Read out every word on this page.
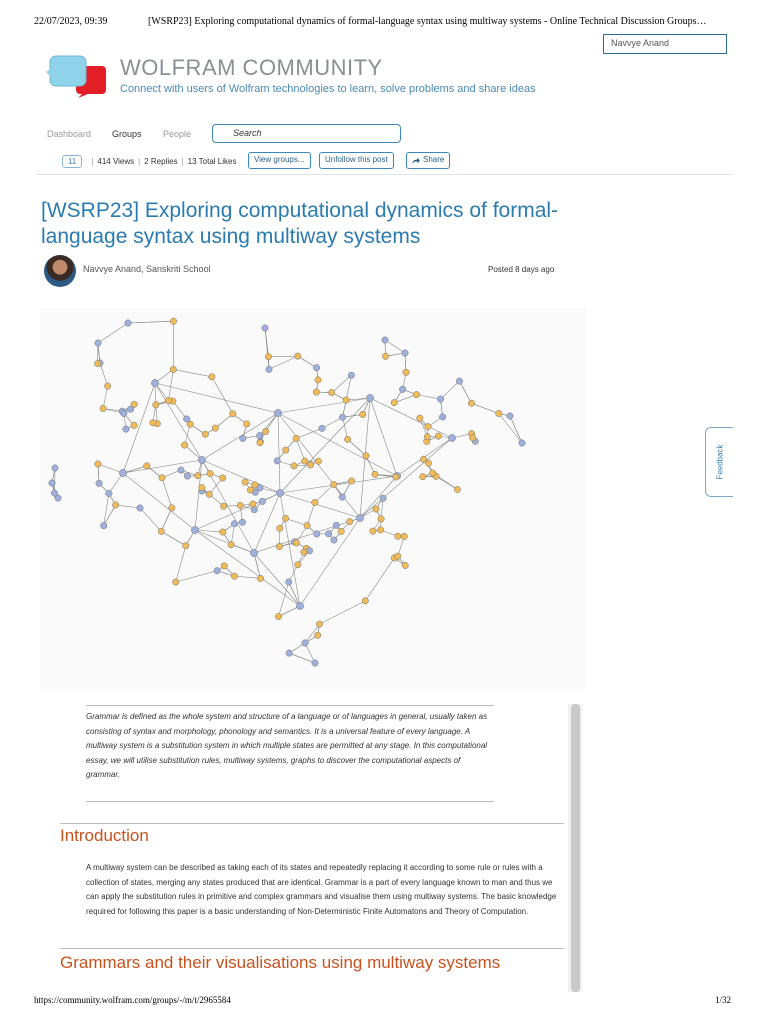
22/07/2023, 09:39	[WSRP23] Exploring computational dynamics of formal-language syntax using multiway systems - Online Technical Discussion Groups…
Navvye Anand
WOLFRAM COMMUNITY
Connect with users of Wolfram technologies to learn, solve problems and share ideas
Dashboard Groups People	Search
11	| 414 Views | 2 Replies | 13 Total Likes	View groups...	Unfollow this post	Share
[WSRP23] Exploring computational dynamics of formal-language syntax using multiway systems
Navvye Anand, Sanskriti School	Posted 8 days ago
Grammar is defined as the whole system and structure of a language or of languages in general, usually taken as consisting of syntax and morphology, phonology and semantics. It is a universal feature of every language. A multiway system is a substitution system in which multiple states are permitted at any stage. In this computational essay, we will utilise substitution rules, multiway systems, graphs to discover the computational aspects of grammar.
Introduction
A multiway system can be described as taking each of its states and repeatedly replacing it according to some rule or rules with a collection of states, merging any states produced that are identical. Grammar is a part of every language known to man and thus we can apply the substitution rules in primitive and complex grammars and visualise them using multiway systems. The basic knowledge required for following this paper is a basic understanding of Non-Deterministic Finite Automatons and Theory of Computation.
Grammars and their visualisations using multiway systems
Feedback
https://community.wolfram.com/groups/-/m/t/2965584	1/32
